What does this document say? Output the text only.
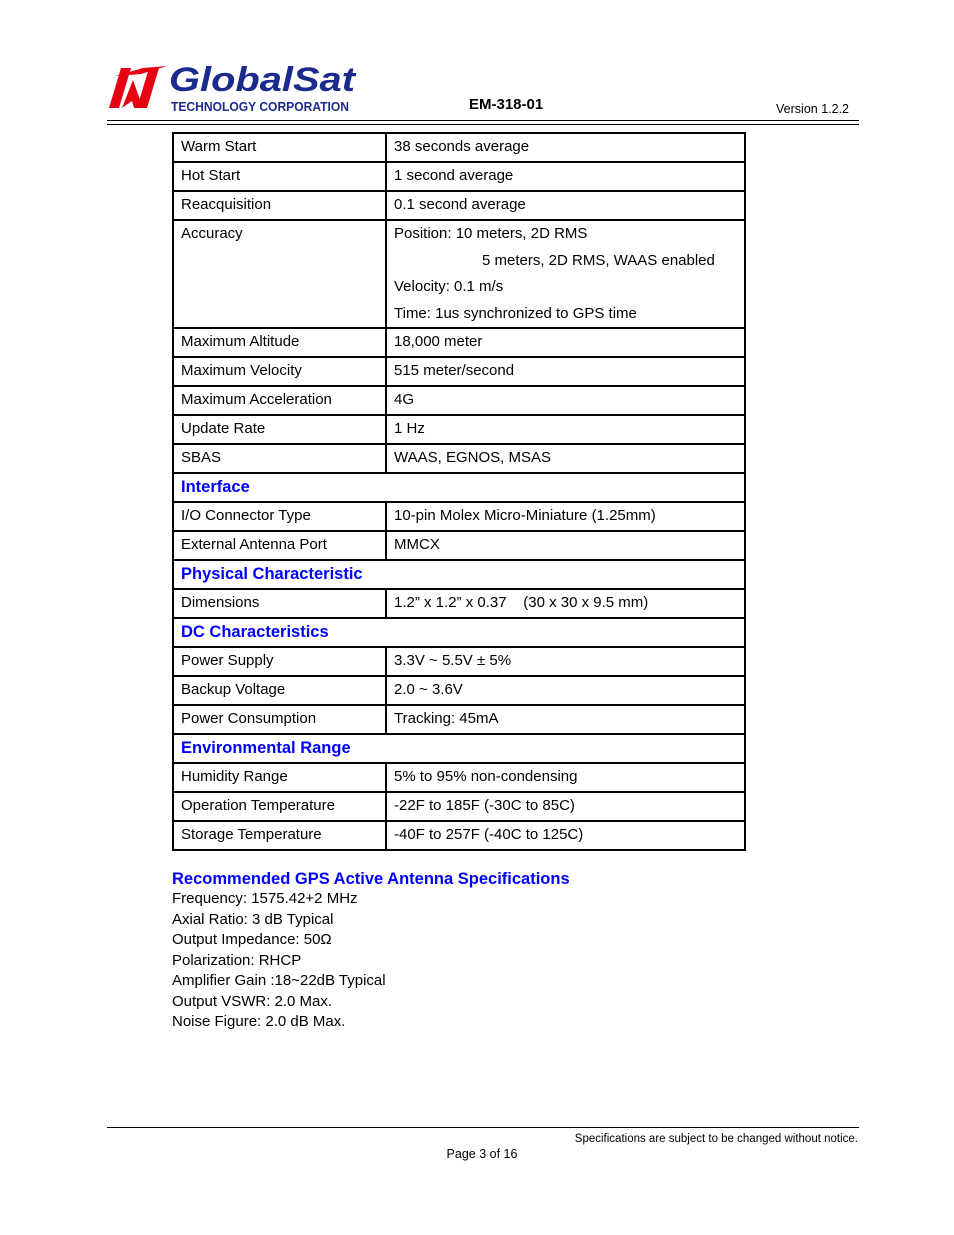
GlobalSat
TECHNOLOGY CORPORATION	EM-318-01	Version 1.2.2
Warm Start	38 seconds average
Hot Start	1 second average
Reacquisition	0.1 second average
Accuracy	Position: 10 meters, 2D RMS
5 meters, 2D RMS, WAAS enabled
Velocity: 0.1 m/s
Time: 1us synchronized to GPS time

Maximum Altitude	18,000 meter
Maximum Velocity	515 meter/second
Maximum Acceleration	4G
Update Rate	1 Hz
SBAS	WAAS, EGNOS, MSAS
Interface	
I/O Connector Type	10-pin Molex Micro-Miniature (1.25mm)
External Antenna Port	MMCX
Physical Characteristic	
Dimensions	1.2” x 1.2” x 0.37    (30 x 30 x 9.5 mm)
DC Characteristics	
Power Supply	3.3V ~ 5.5V ± 5%
Backup Voltage	2.0 ~ 3.6V
Power Consumption	Tracking: 45mA
Environmental Range	
Humidity Range	5% to 95% non-condensing
Operation Temperature	-22F to 185F (-30C to 85C)
Storage Temperature	-40F to 257F (-40C to 125C)
Recommended GPS Active Antenna Specifications
Frequency: 1575.42+2 MHz
Axial Ratio: 3 dB Typical
Output Impedance: 50Ω
Polarization: RHCP
Amplifier Gain :18~22dB Typical
Output VSWR: 2.0 Max.
Noise Figure: 2.0 dB Max.
Specifications are subject to be changed without notice.
Page 3 of 16
